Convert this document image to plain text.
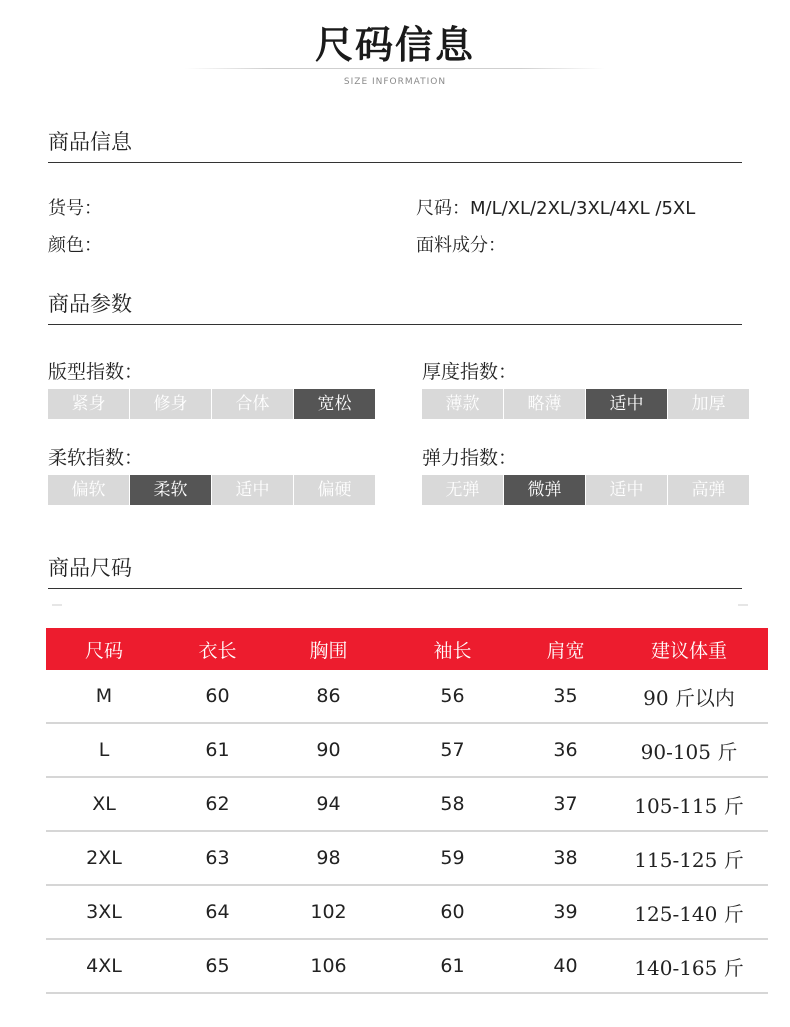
尺码信息
SIZE INFORMATION
商品信息
货号：
颜色：
尺码：M/L/XL/2XL/3XL/4XL /5XL
面料成分：
商品参数
版型指数：
紧身	修身	合体	宽松
厚度指数：
薄款	略薄	适中	加厚
柔软指数：
偏软	柔软	适中	偏硬
弹力指数：
无弹	微弹	适中	高弹
商品尺码
尺码	衣长	胸围	袖长	肩宽	建议体重
M	60	86	56	35	90 斤以内
L	61	90	57	36	90-105 斤
XL	62	94	58	37	105-115 斤
2XL	63	98	59	38	115-125 斤
3XL	64	102	60	39	125-140 斤
4XL	65	106	61	40	140-165 斤
